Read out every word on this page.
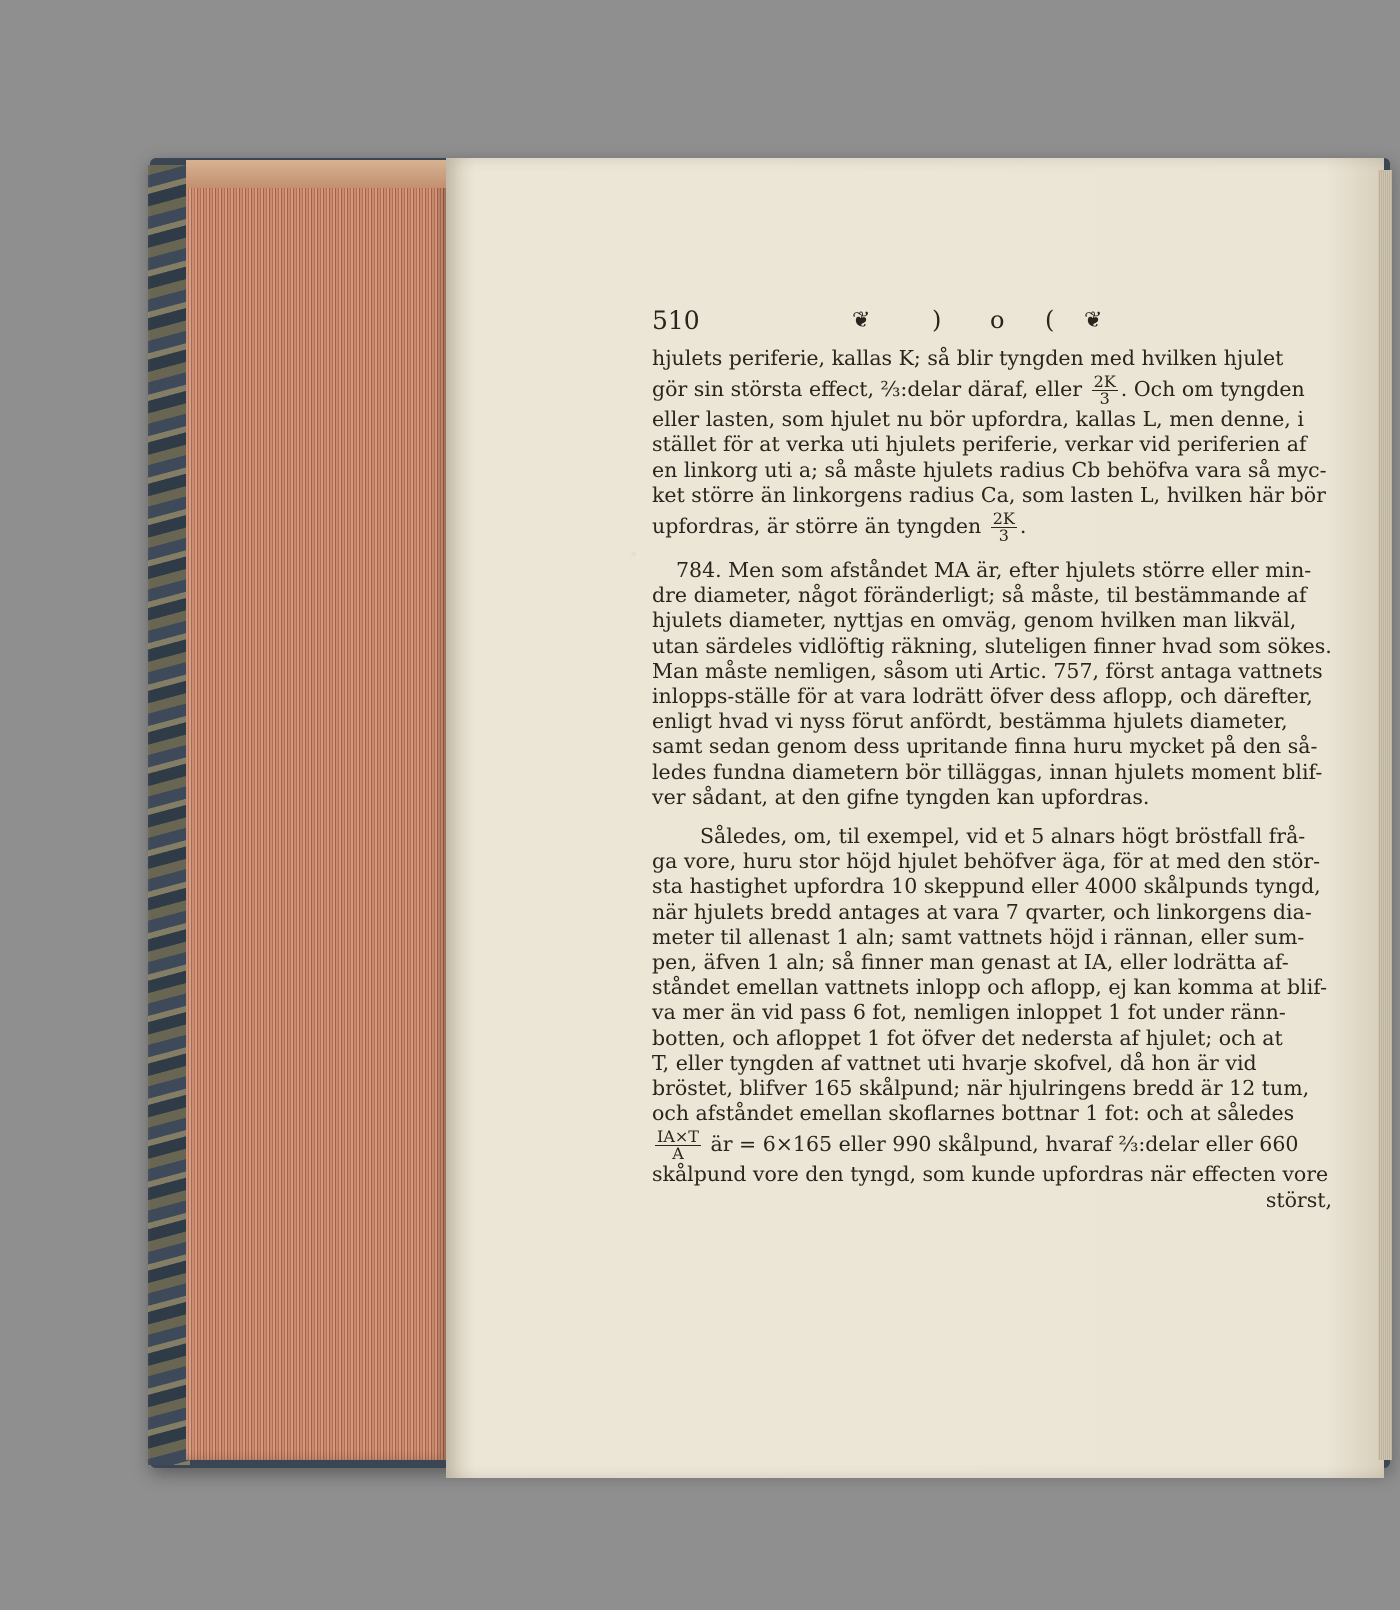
510	❦	) o ( ❦
hjulets periferie, kallas K; så blir tyngden med hvilken hjulet
gör sin största effect, ⅔:delar däraf, eller $\frac{2K}{3}$ . Och om tyngden
eller lasten, som hjulet nu bör upfordra, kallas L, men denne, i
stället för at verka uti hjulets periferie, verkar vid periferien af
en linkorg uti a; så måste hjulets radius Cb behöfva vara så myc-
ket större än linkorgens radius Ca, som lasten L, hvilken här bör
upfordras, är större än tyngden $\frac{2K}{3}$ .
784. Men som afståndet MA är, efter hjulets större eller min-
dre diameter, något föränderligt; så måste, til bestämmande af
hjulets diameter, nyttjas en omväg, genom hvilken man likväl,
utan särdeles vidlöftig räkning, sluteligen finner hvad som sökes.
Man måste nemligen, såsom uti Artic. 757, först antaga vattnets
inlopps-ställe för at vara lodrätt öfver dess aflopp, och därefter,
enligt hvad vi nyss förut anfördt, bestämma hjulets diameter,
samt sedan genom dess upritande finna huru mycket på den så-
ledes fundna diametern bör tilläggas, innan hjulets moment blif-
ver sådant, at den gifne tyngden kan upfordras.
Således, om, til exempel, vid et 5 alnars högt bröstfall frå-
ga vore, huru stor höjd hjulet behöfver äga, för at med den stör-
sta hastighet upfordra 10 skeppund eller 4000 skålpunds tyngd,
när hjulets bredd antages at vara 7 qvarter, och linkorgens dia-
meter til allenast 1 aln; samt vattnets höjd i rännan, eller sum-
pen, äfven 1 aln; så finner man genast at IA, eller lodrätta af-
ståndet emellan vattnets inlopp och aflopp, ej kan komma at blif-
va mer än vid pass 6 fot, nemligen inloppet 1 fot under ränn-
botten, och afloppet 1 fot öfver det nedersta af hjulet; och at
T, eller tyngden af vattnet uti hvarje skofvel, då hon är vid
bröstet, blifver 165 skålpund; när hjulringens bredd är 12 tum,
och afståndet emellan skoflarnes bottnar 1 fot: och at således
$\frac{IA\times T}{A}$ är = 6×165 eller 990 skålpund, hvaraf ⅔:delar eller 660
skålpund vore den tyngd, som kunde upfordras när effecten vore
störst,
